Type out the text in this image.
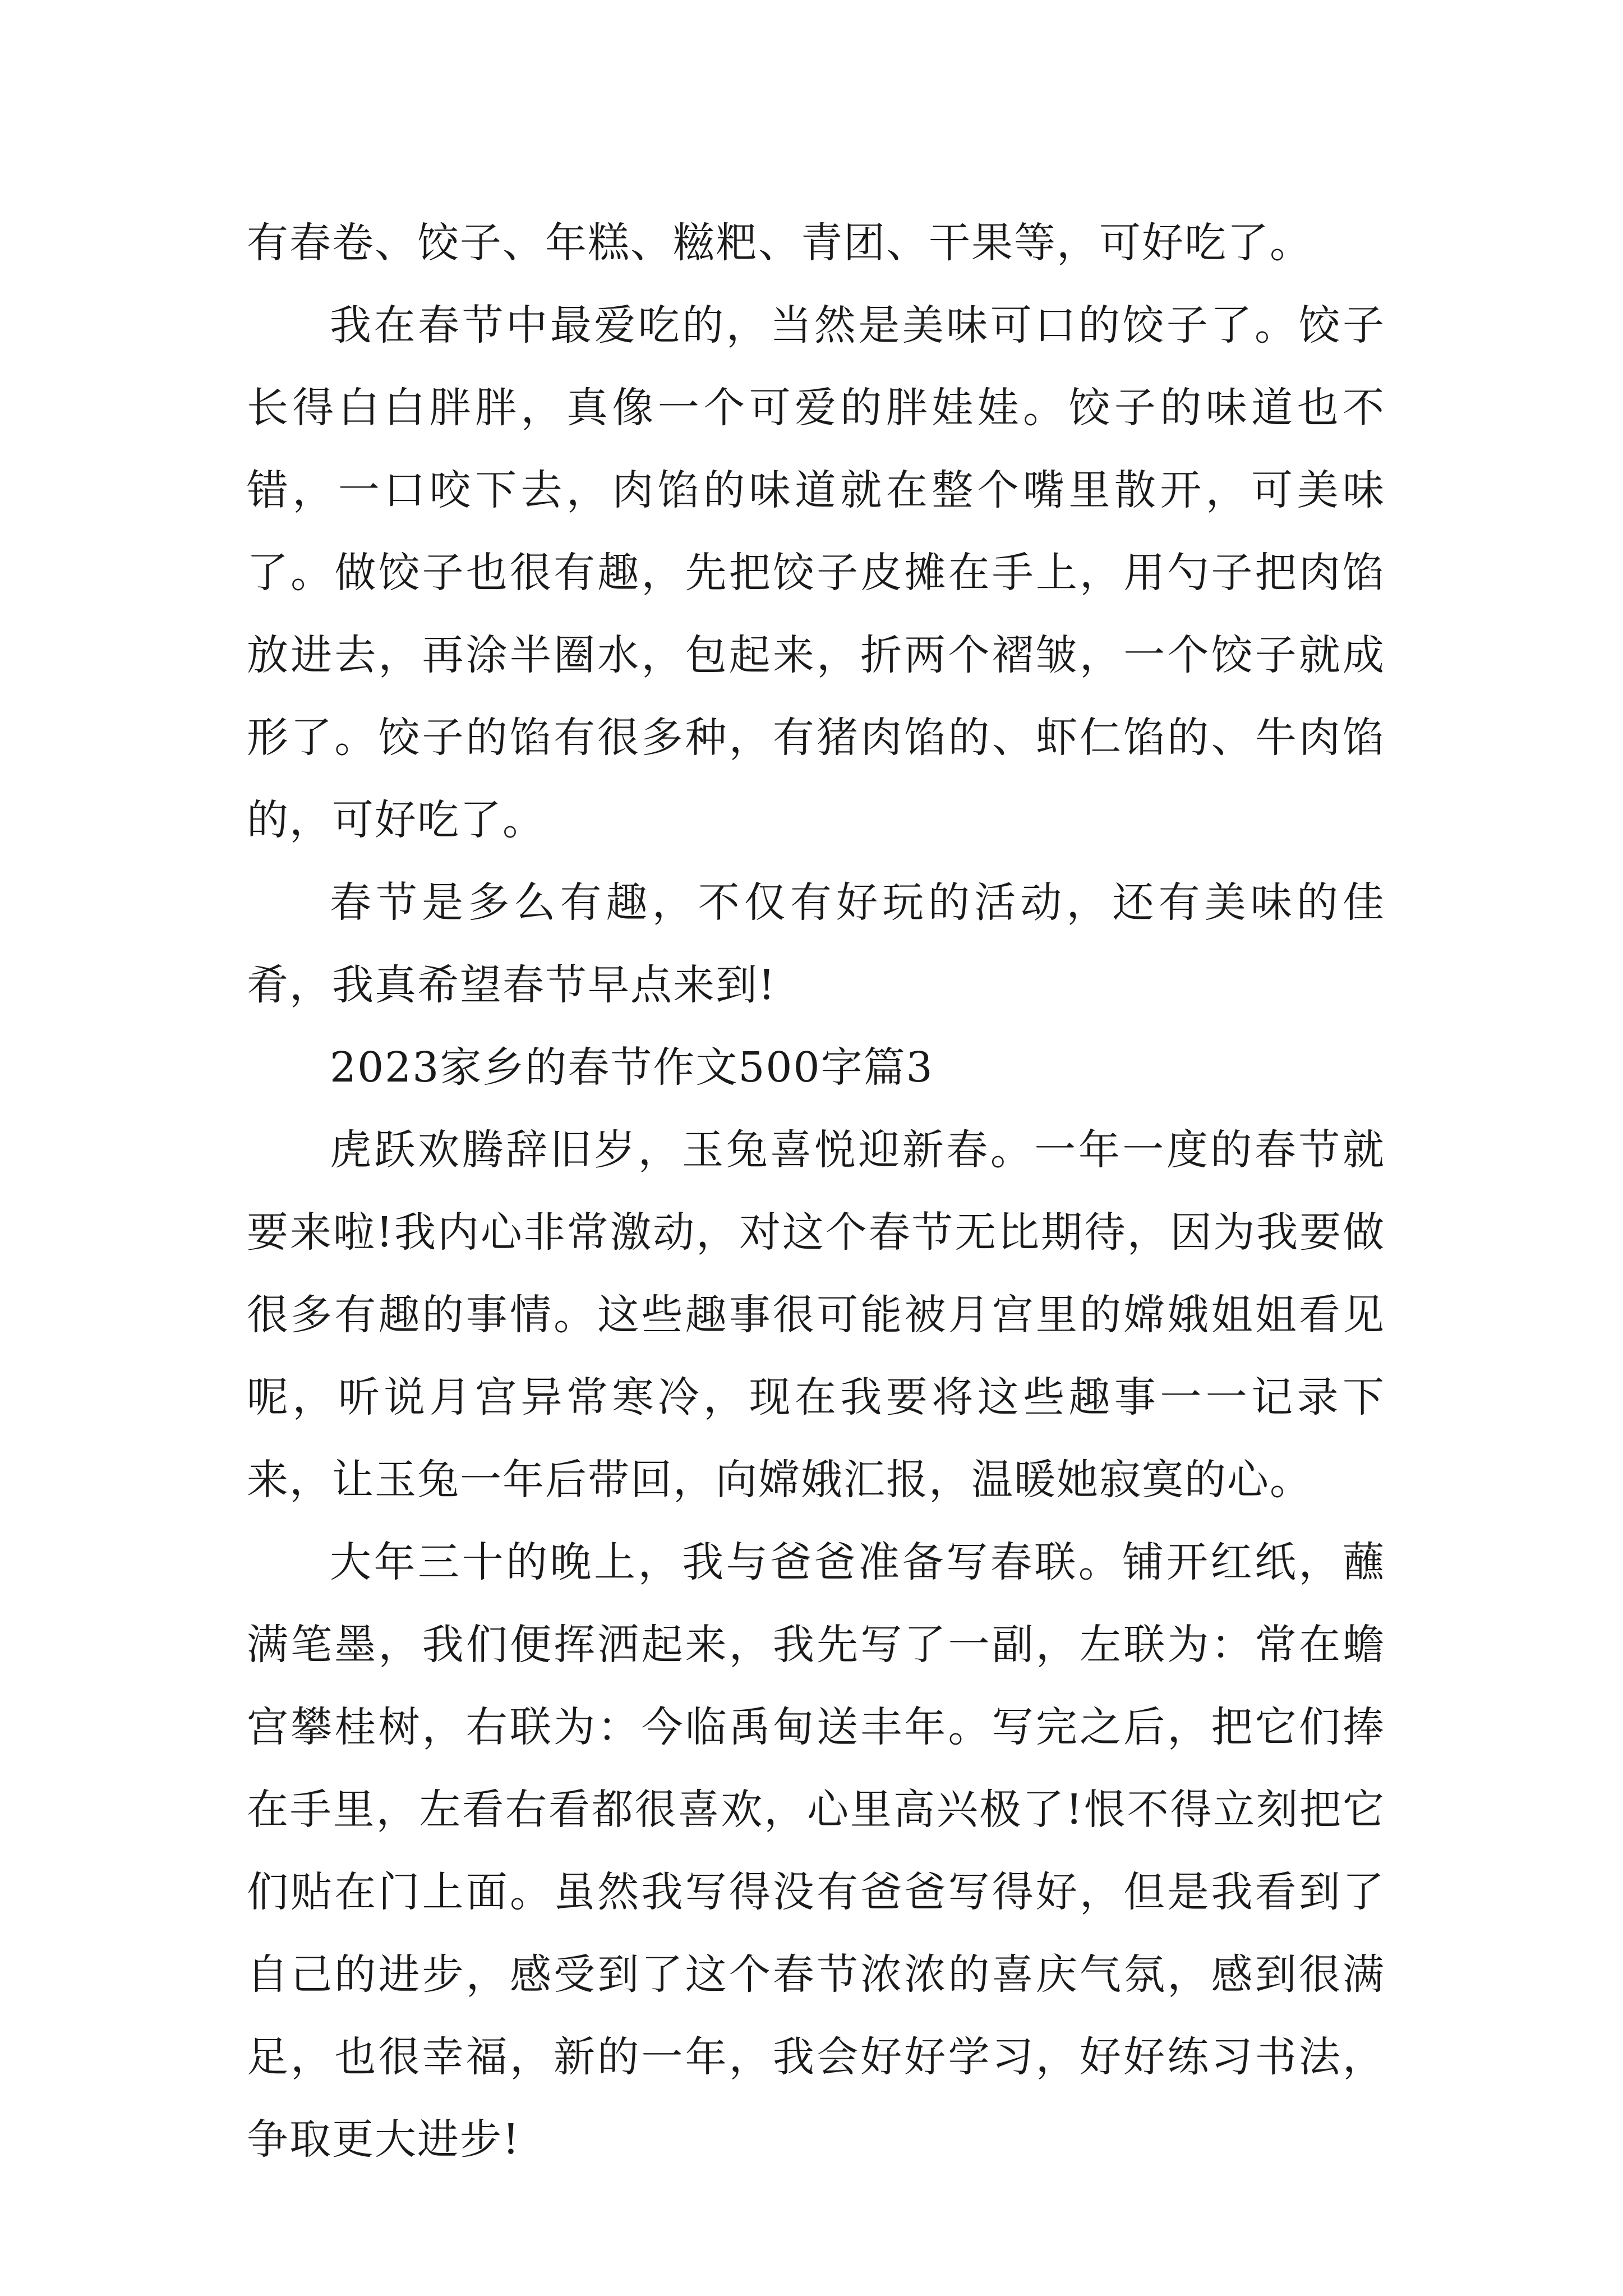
有春卷、饺子、年糕、糍粑、青团、干果等，可好吃了。

我在春节中最爱吃的，当然是美味可口的饺子了。饺子长得白白胖胖，真像一个可爱的胖娃娃。饺子的味道也不错，一口咬下去，肉馅的味道就在整个嘴里散开，可美味了。做饺子也很有趣，先把饺子皮摊在手上，用勺子把肉馅放进去，再涂半圈水，包起来，折两个褶皱，一个饺子就成形了。饺子的馅有很多种，有猪肉馅的、虾仁馅的、牛肉馅的，可好吃了。

春节是多么有趣，不仅有好玩的活动，还有美味的佳肴，我真希望春节早点来到!

2023家乡的春节作文500字篇3

虎跃欢腾辞旧岁，玉兔喜悦迎新春。一年一度的春节就要来啦!我内心非常激动，对这个春节无比期待，因为我要做很多有趣的事情。这些趣事很可能被月宫里的嫦娥姐姐看见呢，听说月宫异常寒冷，现在我要将这些趣事一一记录下来，让玉兔一年后带回，向嫦娥汇报，温暖她寂寞的心。

大年三十的晚上，我与爸爸准备写春联。铺开红纸，蘸满笔墨，我们便挥洒起来，我先写了一副，左联为：常在蟾宫攀桂树，右联为：今临禹甸送丰年。写完之后，把它们捧在手里，左看右看都很喜欢，心里高兴极了!恨不得立刻把它们贴在门上面。虽然我写得没有爸爸写得好，但是我看到了自己的进步，感受到了这个春节浓浓的喜庆气氛，感到很满足，也很幸福，新的一年，我会好好学习，好好练习书法，争取更大进步!
